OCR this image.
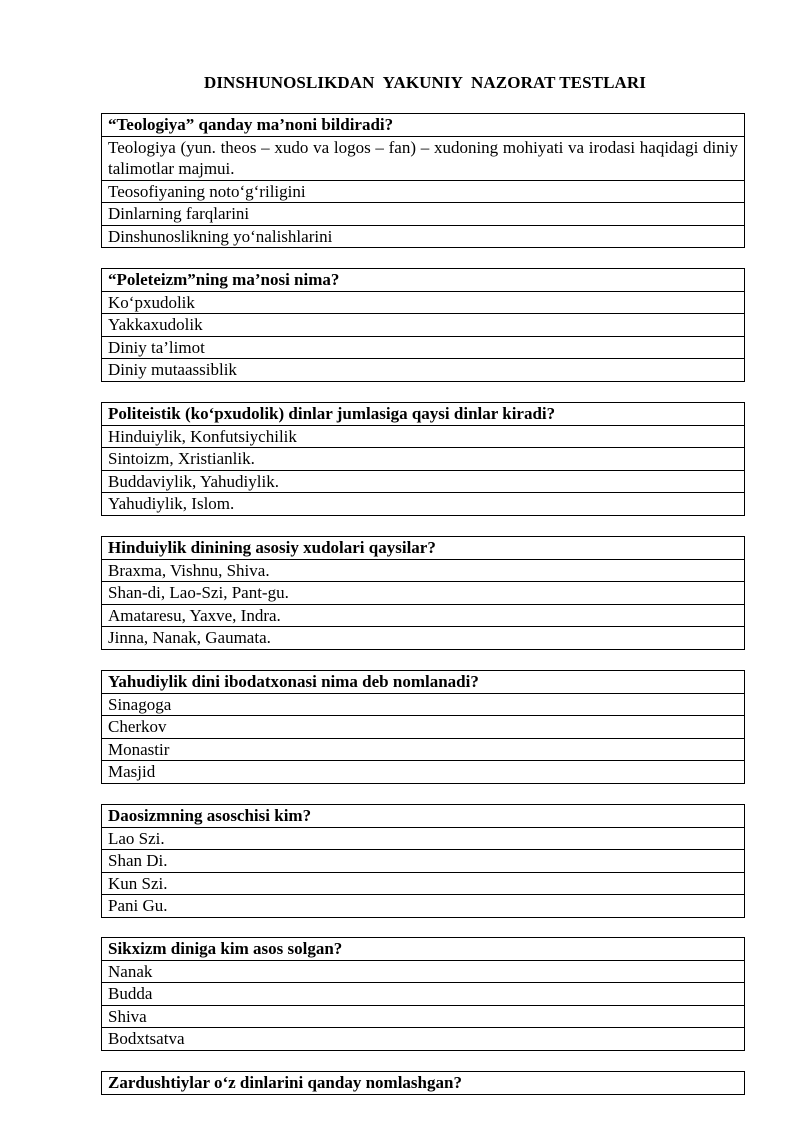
DINSHUNOSLIKDAN  YAKUNIY  NAZORAT TESTLARI
“Teologiya” qanday ma’noni bildiradi?
Teologiya (yun. theos – xudo va logos – fan) – xudoning mohiyati va irodasi haqidagi diniy talimotlar majmui.
Teosofiyaning notoʻgʻriligini
Dinlarning farqlarini
Dinshunoslikning yoʻnalishlarini
“Poleteizm”ning ma’nosi nima?
Koʻpxudolik
Yakkaxudolik
Diniy ta’limot
Diniy mutaassiblik
Politeistik (koʻpxudolik) dinlar jumlasiga qaysi dinlar kiradi?
Hinduiylik, Konfutsiychilik
Sintoizm, Xristianlik.
Buddaviylik, Yahudiylik.
Yahudiylik, Islom.
Hinduiylik dinining asosiy xudolari qaysilar?
Braxma, Vishnu, Shiva.
Shan-di, Lao-Szi, Pant-gu.
Amataresu, Yaxve, Indra.
Jinna, Nanak, Gaumata.
Yahudiylik dini ibodatxonasi nima deb nomlanadi?
Sinagoga
Cherkov
Monastir
Masjid
Daosizmning asoschisi kim?
Lao Szi.
Shan Di.
Kun Szi.
Pani Gu.
Sikxizm diniga kim asos solgan?
Nanak
Budda
Shiva
Bodxtsatva
Zardushtiylar oʻz dinlarini qanday nomlashgan?
